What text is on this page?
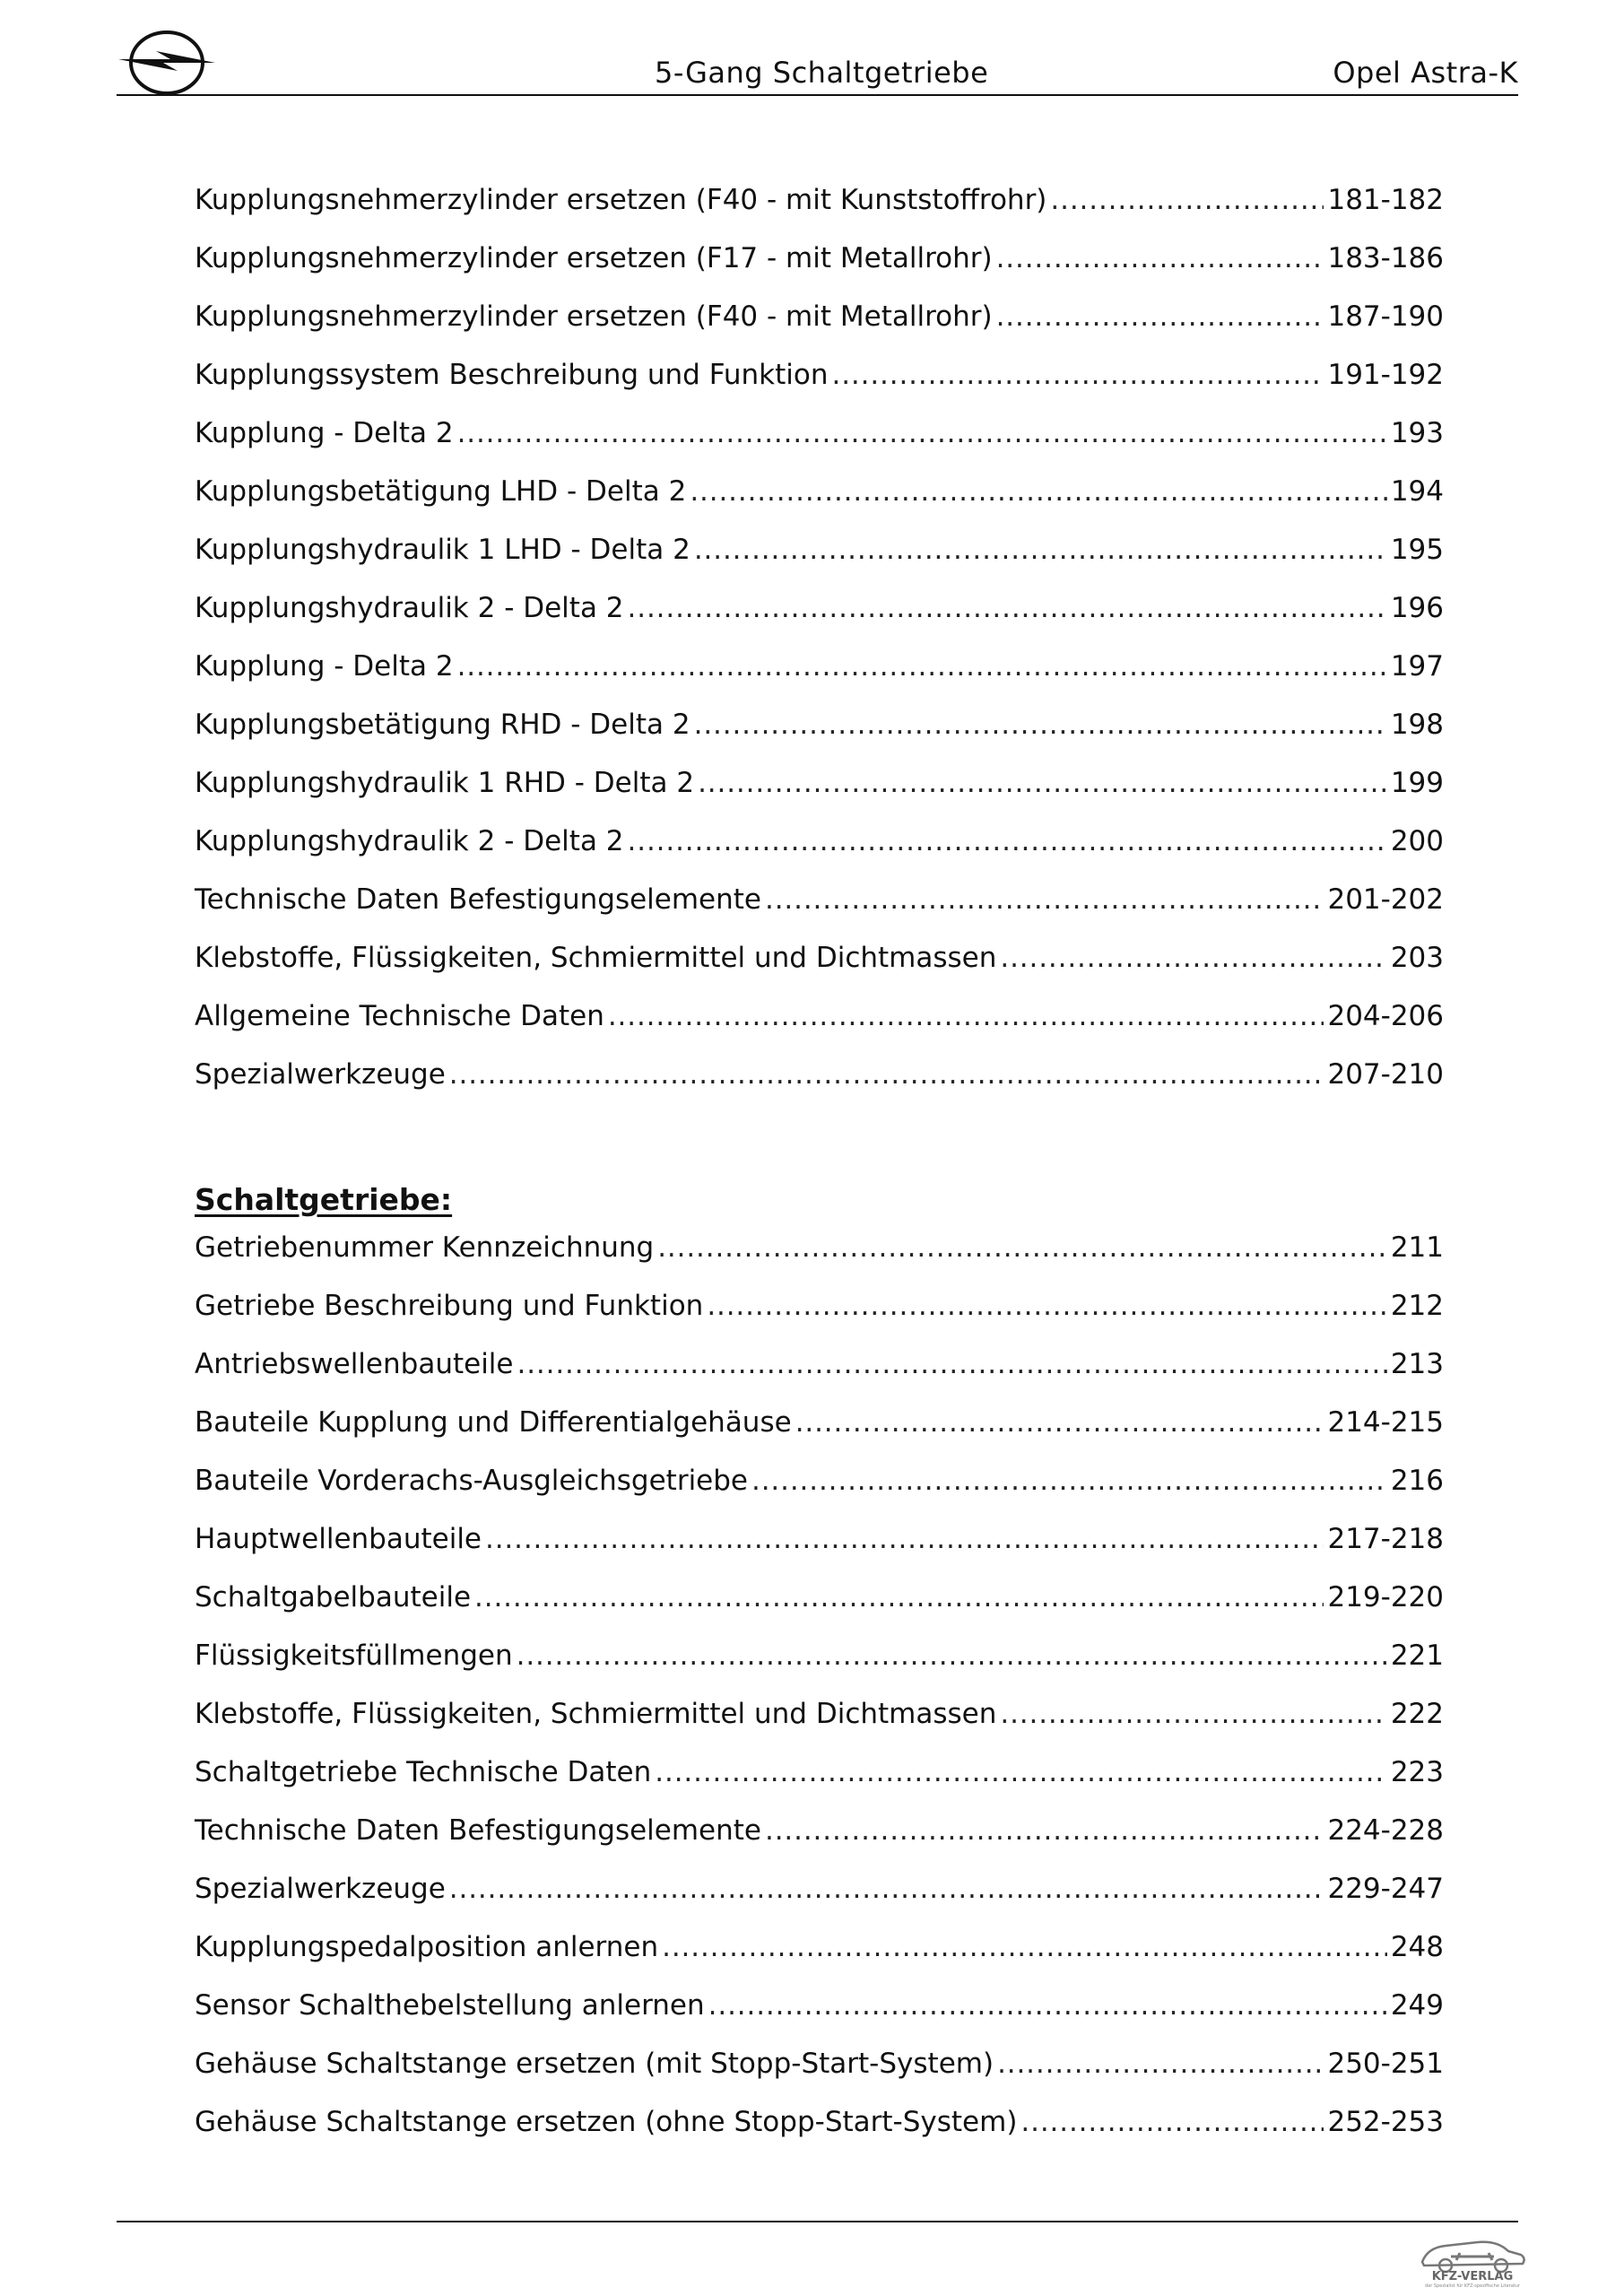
5-Gang Schaltgetriebe	Opel Astra-K
Kupplungsnehmerzylinder ersetzen (F40 - mit Kunststoffrohr) . . .	181-182
Kupplungsnehmerzylinder ersetzen (F17 - mit Metallrohr) . . .	183-186
Kupplungsnehmerzylinder ersetzen (F40 - mit Metallrohr) . . .	187-190
Kupplungssystem Beschreibung und Funktion . . .	191-192
Kupplung - Delta 2 . . .	193
Kupplungsbetätigung LHD - Delta 2 . . .	194
Kupplungshydraulik 1 LHD - Delta 2 . . .	195
Kupplungshydraulik 2 - Delta 2 . . .	196
Kupplung - Delta 2 . . .	197
Kupplungsbetätigung RHD - Delta 2 . . .	198
Kupplungshydraulik 1 RHD - Delta 2 . . .	199
Kupplungshydraulik 2 - Delta 2 . . .	200
Technische Daten Befestigungselemente . . .	201-202
Klebstoffe, Flüssigkeiten, Schmiermittel und Dichtmassen . . .	203
Allgemeine Technische Daten . . .	204-206
Spezialwerkzeuge . . .	207-210
Schaltgetriebe:
Getriebenummer Kennzeichnung . . .	211
Getriebe Beschreibung und Funktion . . .	212
Antriebswellenbauteile . . .	213
Bauteile Kupplung und Differentialgehäuse . . .	214-215
Bauteile Vorderachs-Ausgleichsgetriebe . . .	216
Hauptwellenbauteile . . .	217-218
Schaltgabelbauteile . . .	219-220
Flüssigkeitsfüllmengen . . .	221
Klebstoffe, Flüssigkeiten, Schmiermittel und Dichtmassen . . .	222
Schaltgetriebe Technische Daten . . .	223
Technische Daten Befestigungselemente . . .	224-228
Spezialwerkzeuge . . .	229-247
Kupplungspedalposition anlernen . . .	248
Sensor Schalthebelstellung anlernen . . .	249
Gehäuse Schaltstange ersetzen (mit Stopp-Start-System) . . .	250-251
Gehäuse Schaltstange ersetzen (ohne Stopp-Start-System) . . .	252-253
KFZ-VERLAG
der Spezialist für KFZ-spezifische Literatur
